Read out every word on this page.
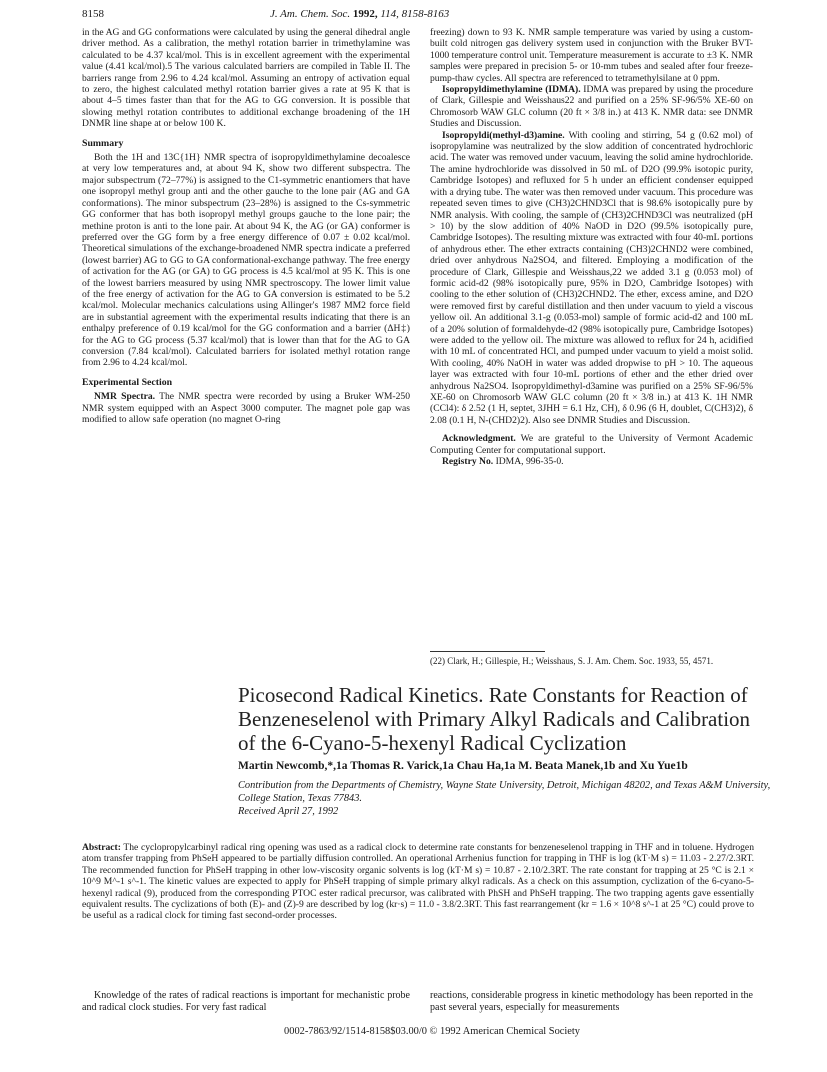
8158	J. Am. Chem. Soc. 1992, 114, 8158-8163

in the AG and GG conformations were calculated by using the general dihedral angle driver method. As a calibration, the methyl rotation barrier in trimethylamine was calculated to be 4.37 kcal/mol. This is in excellent agreement with the experimental value (4.41 kcal/mol).5 The various calculated barriers are compiled in Table II. The barriers range from 2.96 to 4.24 kcal/mol. Assuming an entropy of activation equal to zero, the highest calculated methyl rotation barrier gives a rate at 95 K that is about 4–5 times faster than that for the AG to GG conversion. It is possible that slowing methyl rotation contributes to additional exchange broadening of the 1H DNMR line shape at or below 100 K.

Summary

Both the 1H and 13C{1H} NMR spectra of isopropyldimethylamine decoalesce at very low temperatures and, at about 94 K, show two different subspectra. The major subspectrum (72–77%) is assigned to the C1-symmetric enantiomers that have one isopropyl methyl group anti and the other gauche to the lone pair (AG and GA conformations). The minor subspectrum (23–28%) is assigned to the Cs-symmetric GG conformer that has both isopropyl methyl groups gauche to the lone pair; the methine proton is anti to the lone pair. At about 94 K, the AG (or GA) conformer is preferred over the GG form by a free energy difference of 0.07 ± 0.02 kcal/mol. Theoretical simulations of the exchange-broadened NMR spectra indicate a preferred (lowest barrier) AG to GG to GA conformational-exchange pathway. The free energy of activation for the AG (or GA) to GG process is 4.5 kcal/mol at 95 K. This is one of the lowest barriers measured by using NMR spectroscopy. The lower limit value of the free energy of activation for the AG to GA conversion is estimated to be 5.2 kcal/mol. Molecular mechanics calculations using Allinger's 1987 MM2 force field are in substantial agreement with the experimental results indicating that there is an enthalpy preference of 0.19 kcal/mol for the GG conformation and a barrier (ΔH‡) for the AG to GG process (5.37 kcal/mol) that is lower than that for the AG to GA conversion (7.84 kcal/mol). Calculated barriers for isolated methyl rotation range from 2.96 to 4.24 kcal/mol.

Experimental Section

NMR Spectra. The NMR spectra were recorded by using a Bruker WM-250 NMR system equipped with an Aspect 3000 computer. The magnet pole gap was modified to allow safe operation (no magnet O-ring

freezing) down to 93 K. NMR sample temperature was varied by using a custom-built cold nitrogen gas delivery system used in conjunction with the Bruker BVT-1000 temperature control unit. Temperature measurement is accurate to ±3 K. NMR samples were prepared in precision 5- or 10-mm tubes and sealed after four freeze-pump-thaw cycles. All spectra are referenced to tetramethylsilane at 0 ppm.

Isopropyldimethylamine (IDMA). IDMA was prepared by using the procedure of Clark, Gillespie and Weisshaus22 and purified on a 25% SF-96/5% XE-60 on Chromosorb WAW GLC column (20 ft × 3/8 in.) at 413 K. NMR data: see DNMR Studies and Discussion.

Isopropyldi(methyl-d3)amine. With cooling and stirring, 54 g (0.62 mol) of isopropylamine was neutralized by the slow addition of concentrated hydrochloric acid. The water was removed under vacuum, leaving the solid amine hydrochloride. The amine hydrochloride was dissolved in 50 mL of D2O (99.9% isotopic purity, Cambridge Isotopes) and refluxed for 5 h under an efficient condenser equipped with a drying tube. The water was then removed under vacuum. This procedure was repeated seven times to give (CH3)2CHND3Cl that is 98.6% isotopically pure by NMR analysis. With cooling, the sample of (CH3)2CHND3Cl was neutralized (pH > 10) by the slow addition of 40% NaOD in D2O (99.5% isotopically pure, Cambridge Isotopes). The resulting mixture was extracted with four 40-mL portions of anhydrous ether. The ether extracts containing (CH3)2CHND2 were combined, dried over anhydrous Na2SO4, and filtered. Employing a modification of the procedure of Clark, Gillespie and Weisshaus,22 we added 3.1 g (0.053 mol) of formic acid-d2 (98% isotopically pure, 95% in D2O, Cambridge Isotopes) with cooling to the ether solution of (CH3)2CHND2. The ether, excess amine, and D2O were removed first by careful distillation and then under vacuum to yield a viscous yellow oil. An additional 3.1-g (0.053-mol) sample of formic acid-d2 and 100 mL of a 20% solution of formaldehyde-d2 (98% isotopically pure, Cambridge Isotopes) were added to the yellow oil. The mixture was allowed to reflux for 24 h, acidified with 10 mL of concentrated HCl, and pumped under vacuum to yield a moist solid. With cooling, 40% NaOH in water was added dropwise to pH > 10. The aqueous layer was extracted with four 10-mL portions of ether and the ether dried over anhydrous Na2SO4. Isopropyldimethyl-d3amine was purified on a 25% SF-96/5% XE-60 on Chromosorb WAW GLC column (20 ft × 3/8 in.) at 413 K. 1H NMR (CCl4): δ 2.52 (1 H, septet, 3JHH = 6.1 Hz, CH), δ 0.96 (6 H, doublet, C(CH3)2), δ 2.08 (0.1 H, N-(CHD2)2). Also see DNMR Studies and Discussion.

Acknowledgment. We are grateful to the University of Vermont Academic Computing Center for computational support.

Registry No. IDMA, 996-35-0.

(22) Clark, H.; Gillespie, H.; Weisshaus, S. J. Am. Chem. Soc. 1933, 55, 4571.
Picosecond Radical Kinetics. Rate Constants for Reaction of Benzeneselenol with Primary Alkyl Radicals and Calibration of the 6-Cyano-5-hexenyl Radical Cyclization
Martin Newcomb,*,1a Thomas R. Varick,1a Chau Ha,1a M. Beata Manek,1b and Xu Yue1b
Contribution from the Departments of Chemistry, Wayne State University, Detroit, Michigan 48202, and Texas A&M University, College Station, Texas 77843.
Received April 27, 1992
Abstract: The cyclopropylcarbinyl radical ring opening was used as a radical clock to determine rate constants for benzeneselenol trapping in THF and in toluene. Hydrogen atom transfer trapping from PhSeH appeared to be partially diffusion controlled. An operational Arrhenius function for trapping in THF is log (kT·M s) = 11.03 - 2.27/2.3RT. The recommended function for PhSeH trapping in other low-viscosity organic solvents is log (kT·M s) = 10.87 - 2.10/2.3RT. The rate constant for trapping at 25 °C is 2.1 × 10^9 M^-1 s^-1. The kinetic values are expected to apply for PhSeH trapping of simple primary alkyl radicals. As a check on this assumption, cyclization of the 6-cyano-5-hexenyl radical (9), produced from the corresponding PTOC ester radical precursor, was calibrated with PhSH and PhSeH trapping. The two trapping agents gave essentially equivalent results. The cyclizations of both (E)- and (Z)-9 are described by log (kr·s) = 11.0 - 3.8/2.3RT. This fast rearrangement (kr = 1.6 × 10^8 s^-1 at 25 °C) could prove to be useful as a radical clock for timing fast second-order processes.

Knowledge of the rates of radical reactions is important for mechanistic probe and radical clock studies. For very fast radical

reactions, considerable progress in kinetic methodology has been reported in the past several years, especially for measurements

0002-7863/92/1514-8158$03.00/0 © 1992 American Chemical Society
